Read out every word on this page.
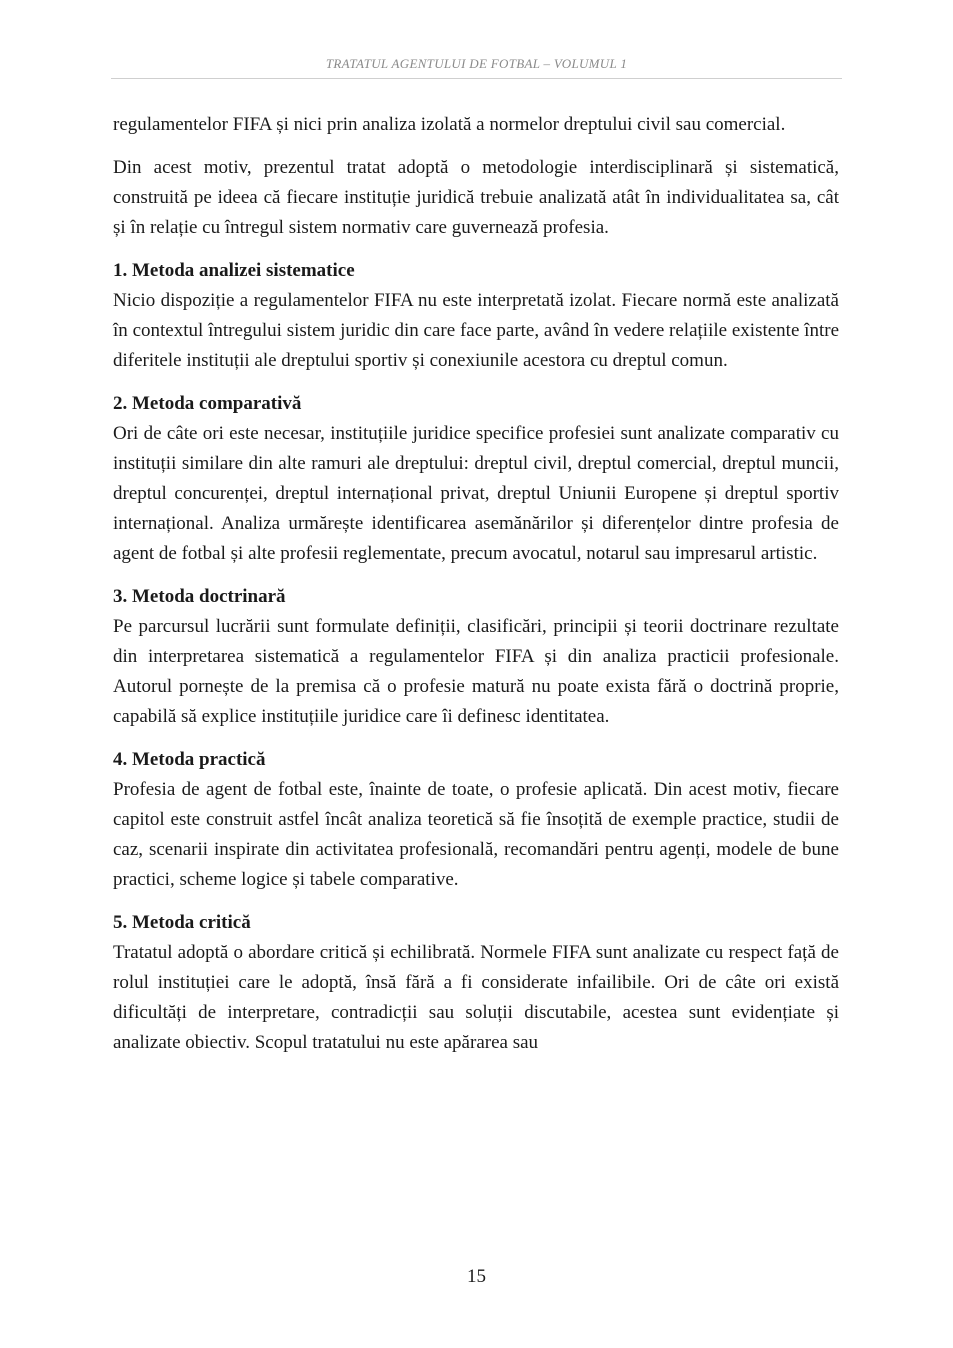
TRATATUL AGENTULUI DE FOTBAL – VOLUMUL 1

regulamentelor FIFA și nici prin analiza izolată a normelor dreptului civil sau comercial.

Din acest motiv, prezentul tratat adoptă o metodologie interdisciplinară și sistematică, construită pe ideea că fiecare instituție juridică trebuie analizată atât în individualitatea sa, cât și în relație cu întregul sistem normativ care guvernează profesia.

1. Metoda analizei sistematice

Nicio dispoziție a regulamentelor FIFA nu este interpretată izolat. Fiecare normă este analizată în contextul întregului sistem juridic din care face parte, având în vedere relațiile existente între diferitele instituții ale dreptului sportiv și conexiunile acestora cu dreptul comun.

2. Metoda comparativă

Ori de câte ori este necesar, instituțiile juridice specifice profesiei sunt analizate comparativ cu instituții similare din alte ramuri ale dreptului: dreptul civil, dreptul comercial, dreptul muncii, dreptul concurenței, dreptul internațional privat, dreptul Uniunii Europene și dreptul sportiv internațional. Analiza urmărește identificarea asemănărilor și diferențelor dintre profesia de agent de fotbal și alte profesii reglementate, precum avocatul, notarul sau impresarul artistic.

3. Metoda doctrinară

Pe parcursul lucrării sunt formulate definiții, clasificări, principii și teorii doctrinare rezultate din interpretarea sistematică a regulamentelor FIFA și din analiza practicii profesionale. Autorul pornește de la premisa că o profesie matură nu poate exista fără o doctrină proprie, capabilă să explice instituțiile juridice care îi definesc identitatea.

4. Metoda practică

Profesia de agent de fotbal este, înainte de toate, o profesie aplicată. Din acest motiv, fiecare capitol este construit astfel încât analiza teoretică să fie însoțită de exemple practice, studii de caz, scenarii inspirate din activitatea profesională, recomandări pentru agenți, modele de bune practici, scheme logice și tabele comparative.

5. Metoda critică

Tratatul adoptă o abordare critică și echilibrată. Normele FIFA sunt analizate cu respect față de rolul instituției care le adoptă, însă fără a fi considerate infailibile. Ori de câte ori există dificultăți de interpretare, contradicții sau soluții discutabile, acestea sunt evidențiate și analizate obiectiv. Scopul tratatului nu este apărarea sau

15
